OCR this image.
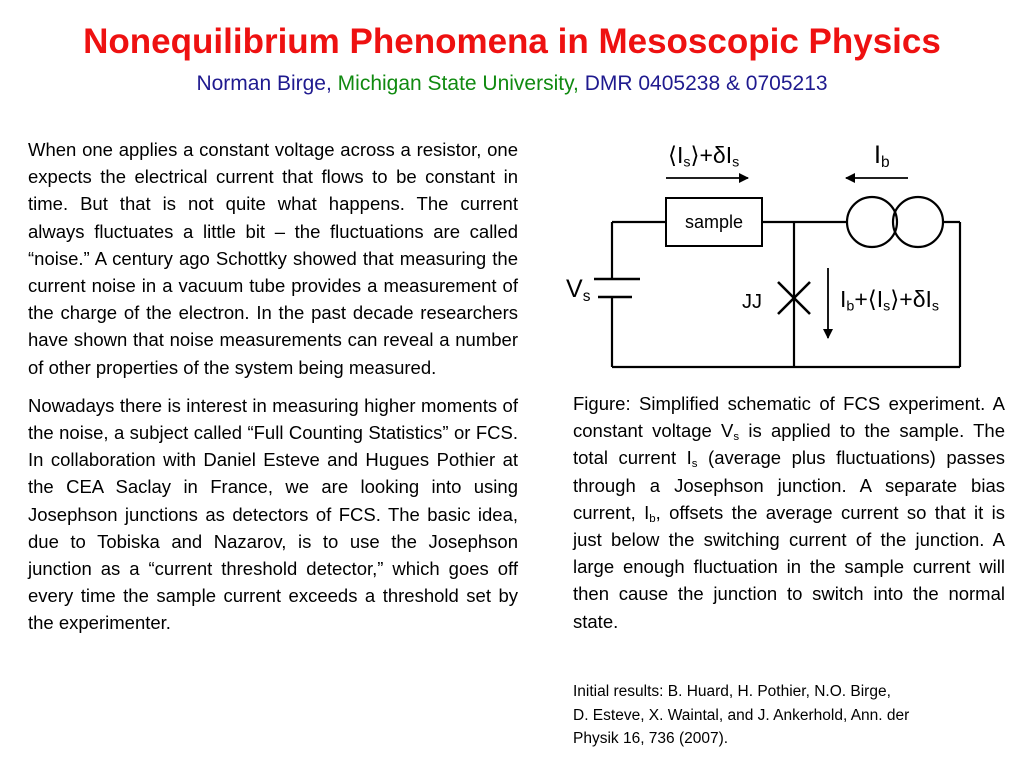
Nonequilibrium Phenomena in Mesoscopic Physics
Norman Birge, Michigan State University, DMR 0405238 & 0705213

When one applies a constant voltage across a resistor, one expects the electrical current that flows to be constant in time. But that is not quite what happens. The current always fluctuates a little bit – the fluctuations are called “noise.” A century ago Schottky showed that measuring the current noise in a vacuum tube provides a measurement of the charge of the electron. In the past decade researchers have shown that noise measurements can reveal a number of other properties of the system being measured.

Nowadays there is interest in measuring higher moments of the noise, a subject called “Full Counting Statistics” or FCS. In collaboration with Daniel Esteve and Hugues Pothier at the CEA Saclay in France, we are looking into using Josephson junctions as detectors of FCS. The basic idea, due to Tobiska and Nazarov, is to use the Josephson junction as a “current threshold detector,” which goes off every time the sample current exceeds a threshold set by the experimenter.

sample
$⟨I_s⟩+\delta I_s$	$I_b$
$V_s$	JJ	$I_b+⟨I_s⟩+\delta I_s$

Figure: Simplified schematic of FCS experiment. A constant voltage $V_s$ is applied to the sample. The total current $I_s$ (average plus fluctuations) passes through a Josephson junction. A separate bias current, $I_b$, offsets the average current so that it is just below the switching current of the junction. A large enough fluctuation in the sample current will then cause the junction to switch into the normal state.

Initial results: B. Huard, H. Pothier, N.O. Birge,
D. Esteve, X. Waintal, and J. Ankerhold, Ann. der
Physik 16, 736 (2007).
